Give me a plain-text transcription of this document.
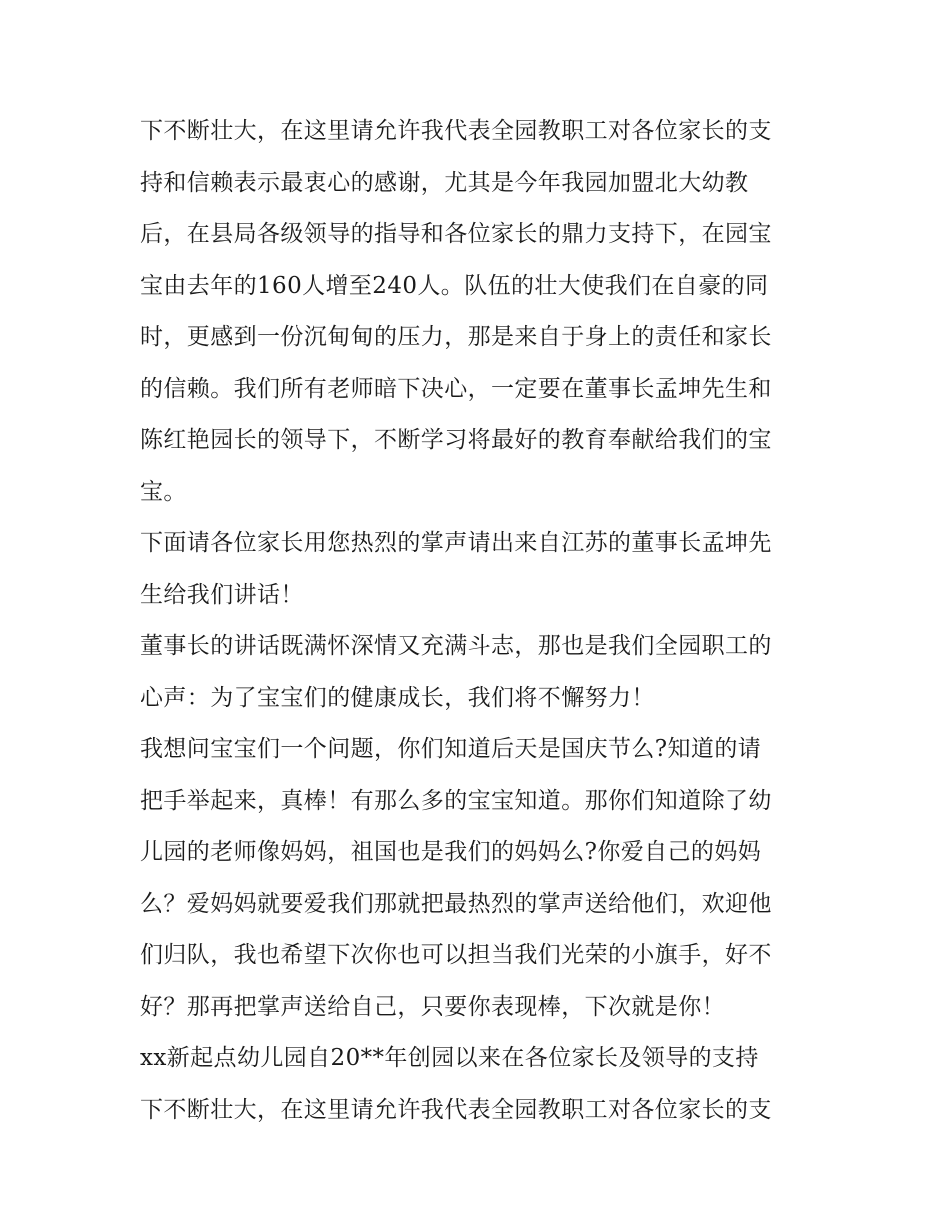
下不断壮大，在这里请允许我代表全园教职工对各位家长的支
持和信赖表示最衷心的感谢，尤其是今年我园加盟北大幼教
后，在县局各级领导的指导和各位家长的鼎力支持下，在园宝
宝由去年的160人增至240人。队伍的壮大使我们在自豪的同
时，更感到一份沉甸甸的压力，那是来自于身上的责任和家长
的信赖。我们所有老师暗下决心，一定要在董事长孟坤先生和
陈红艳园长的领导下，不断学习将最好的教育奉献给我们的宝
宝。
下面请各位家长用您热烈的掌声请出来自江苏的董事长孟坤先
生给我们讲话！
董事长的讲话既满怀深情又充满斗志，那也是我们全园职工的
心声：为了宝宝们的健康成长，我们将不懈努力！
我想问宝宝们一个问题，你们知道后天是国庆节么?知道的请
把手举起来，真棒！有那么多的宝宝知道。那你们知道除了幼
儿园的老师像妈妈，祖国也是我们的妈妈么?你爱自己的妈妈
么？爱妈妈就要爱我们那就把最热烈的掌声送给他们，欢迎他
们归队，我也希望下次你也可以担当我们光荣的小旗手，好不
好？那再把掌声送给自己，只要你表现棒，下次就是你！
xx新起点幼儿园自20**年创园以来在各位家长及领导的支持
下不断壮大，在这里请允许我代表全园教职工对各位家长的支
